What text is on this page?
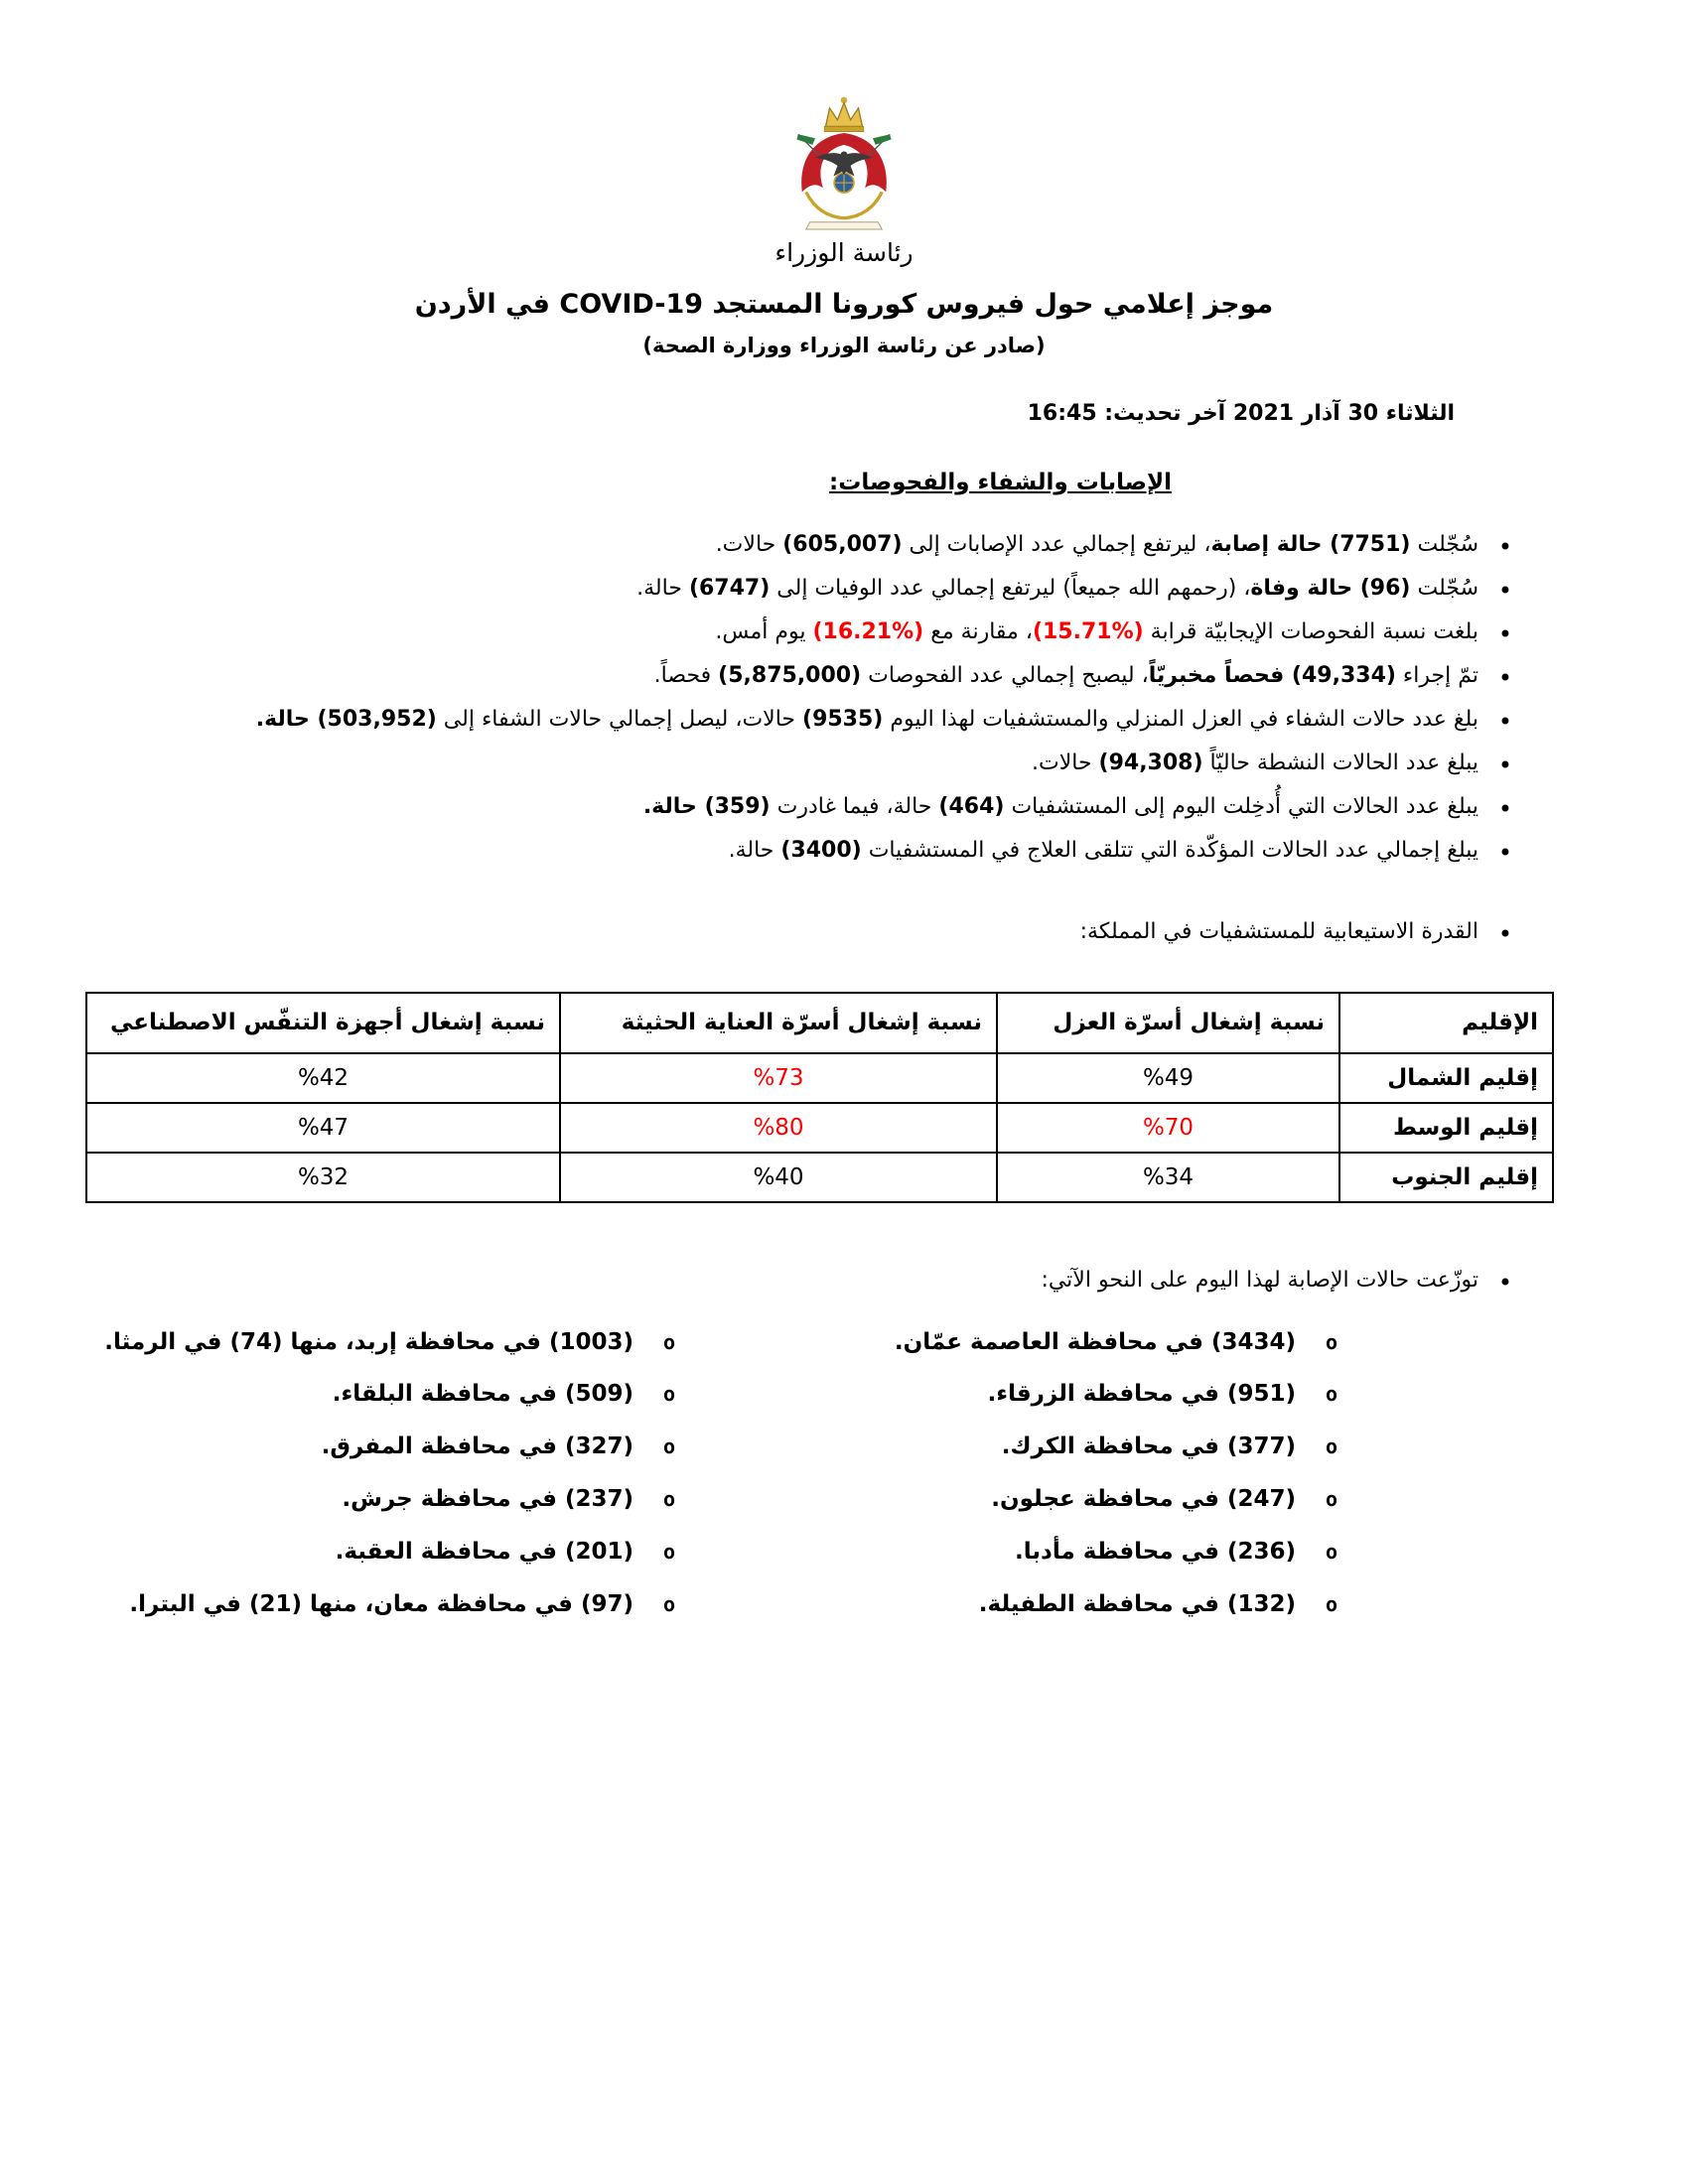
رئاسة الوزراء
موجز إعلامي حول فيروس كورونا المستجد COVID-19 في الأردن
(صادر عن رئاسة الوزراء ووزارة الصحة)
الثلاثاء 30 آذار 2021 آخر تحديث: 16:45
الإصابات والشفاء والفحوصات:
•
سُجّلت (7751) حالة إصابة، ليرتفع إجمالي عدد الإصابات إلى (605,007) حالات.
•
سُجّلت (96) حالة وفاة، (رحمهم الله جميعاً) ليرتفع إجمالي عدد الوفيات إلى (6747) حالة.
•
بلغت نسبة الفحوصات الإيجابيّة قرابة (15.71%)، مقارنة مع (16.21%) يوم أمس.
•
تمّ إجراء (49,334) فحصاً مخبريّاً، ليصبح إجمالي عدد الفحوصات (5,875,000) فحصاً.
•
بلغ عدد حالات الشفاء في العزل المنزلي والمستشفيات لهذا اليوم (9535) حالات، ليصل إجمالي حالات الشفاء إلى (503,952) حالة.
•
يبلغ عدد الحالات النشطة حاليّاً (94,308) حالات.
•
يبلغ عدد الحالات التي أُدخِلت اليوم إلى المستشفيات (464) حالة، فيما غادرت (359) حالة.
•
يبلغ إجمالي عدد الحالات المؤكّدة التي تتلقى العلاج في المستشفيات (3400) حالة.
•
القدرة الاستيعابية للمستشفيات في المملكة:
الإقليم	نسبة إشغال أسرّة العزل	نسبة إشغال أسرّة العناية الحثيثة	نسبة إشغال أجهزة التنفّس الاصطناعي
إقليم الشمال	%49	%73	%42
إقليم الوسط	%70	%80	%47
إقليم الجنوب	%34	%40	%32
•
توزّعت حالات الإصابة لهذا اليوم على النحو الآتي:
o
(3434) في محافظة العاصمة عمّان.
o
(951) في محافظة الزرقاء.
o
(377) في محافظة الكرك.
o
(247) في محافظة عجلون.
o
(236) في محافظة مأدبا.
o
(132) في محافظة الطفيلة.
o
(1003) في محافظة إربد، منها (74) في الرمثا.
o
(509) في محافظة البلقاء.
o
(327) في محافظة المفرق.
o
(237) في محافظة جرش.
o
(201) في محافظة العقبة.
o
(97) في محافظة معان، منها (21) في البترا.
